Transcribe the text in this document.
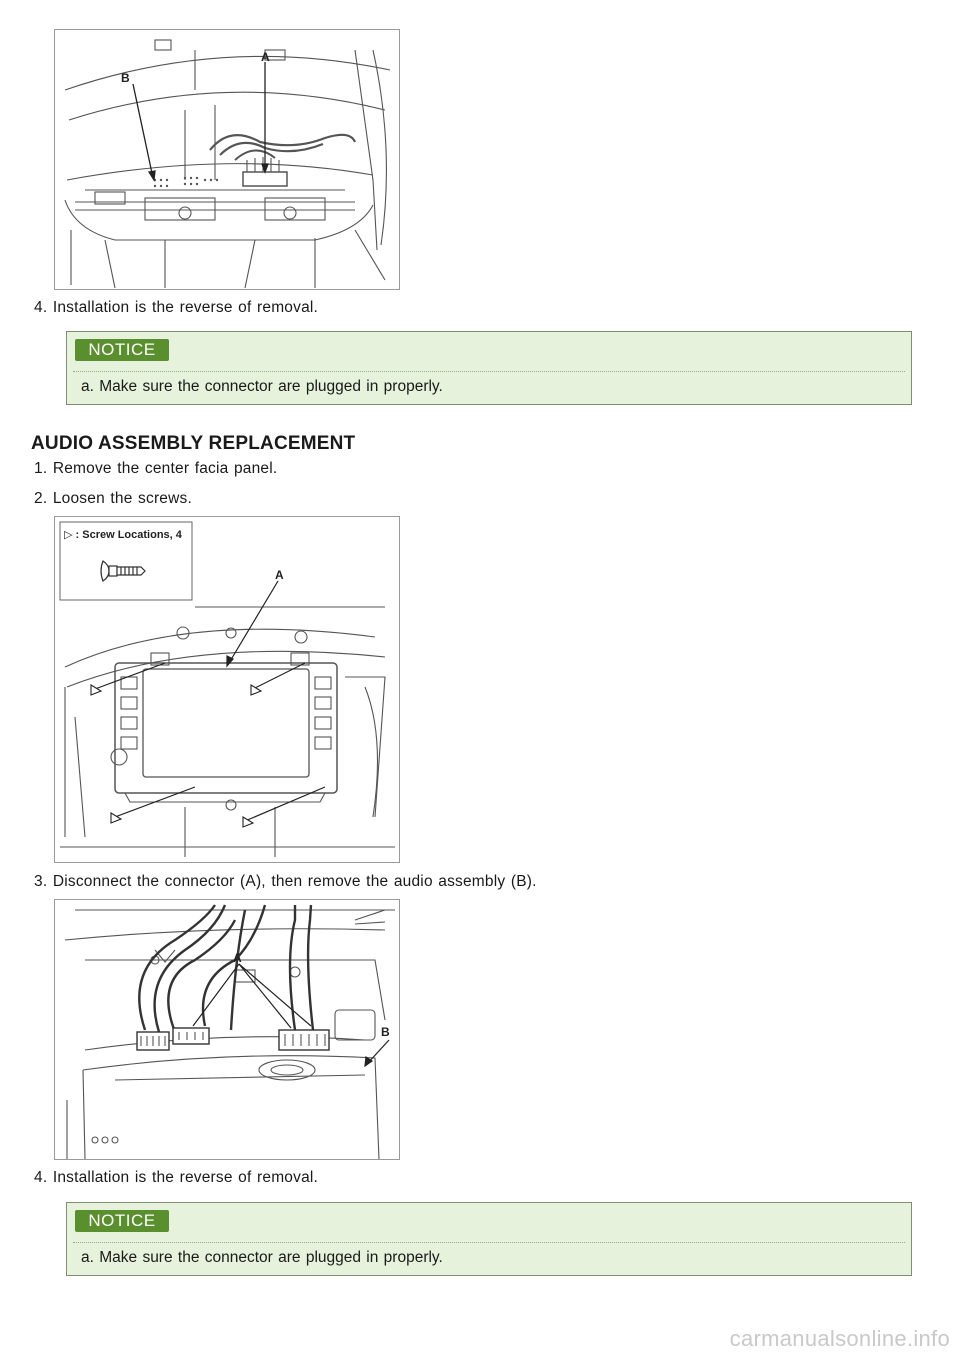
A
B
4. Installation is the reverse of removal.
NOTICE
a. Make sure the connector are plugged in properly.
AUDIO ASSEMBLY REPLACEMENT
1. Remove the center facia panel.
2. Loosen the screws.
▷ : Screw Locations, 4
A
3. Disconnect the connector (A), then remove the audio assembly (B).
A
B
4. Installation is the reverse of removal.
NOTICE
a. Make sure the connector are plugged in properly.
carmanualsonline.info
